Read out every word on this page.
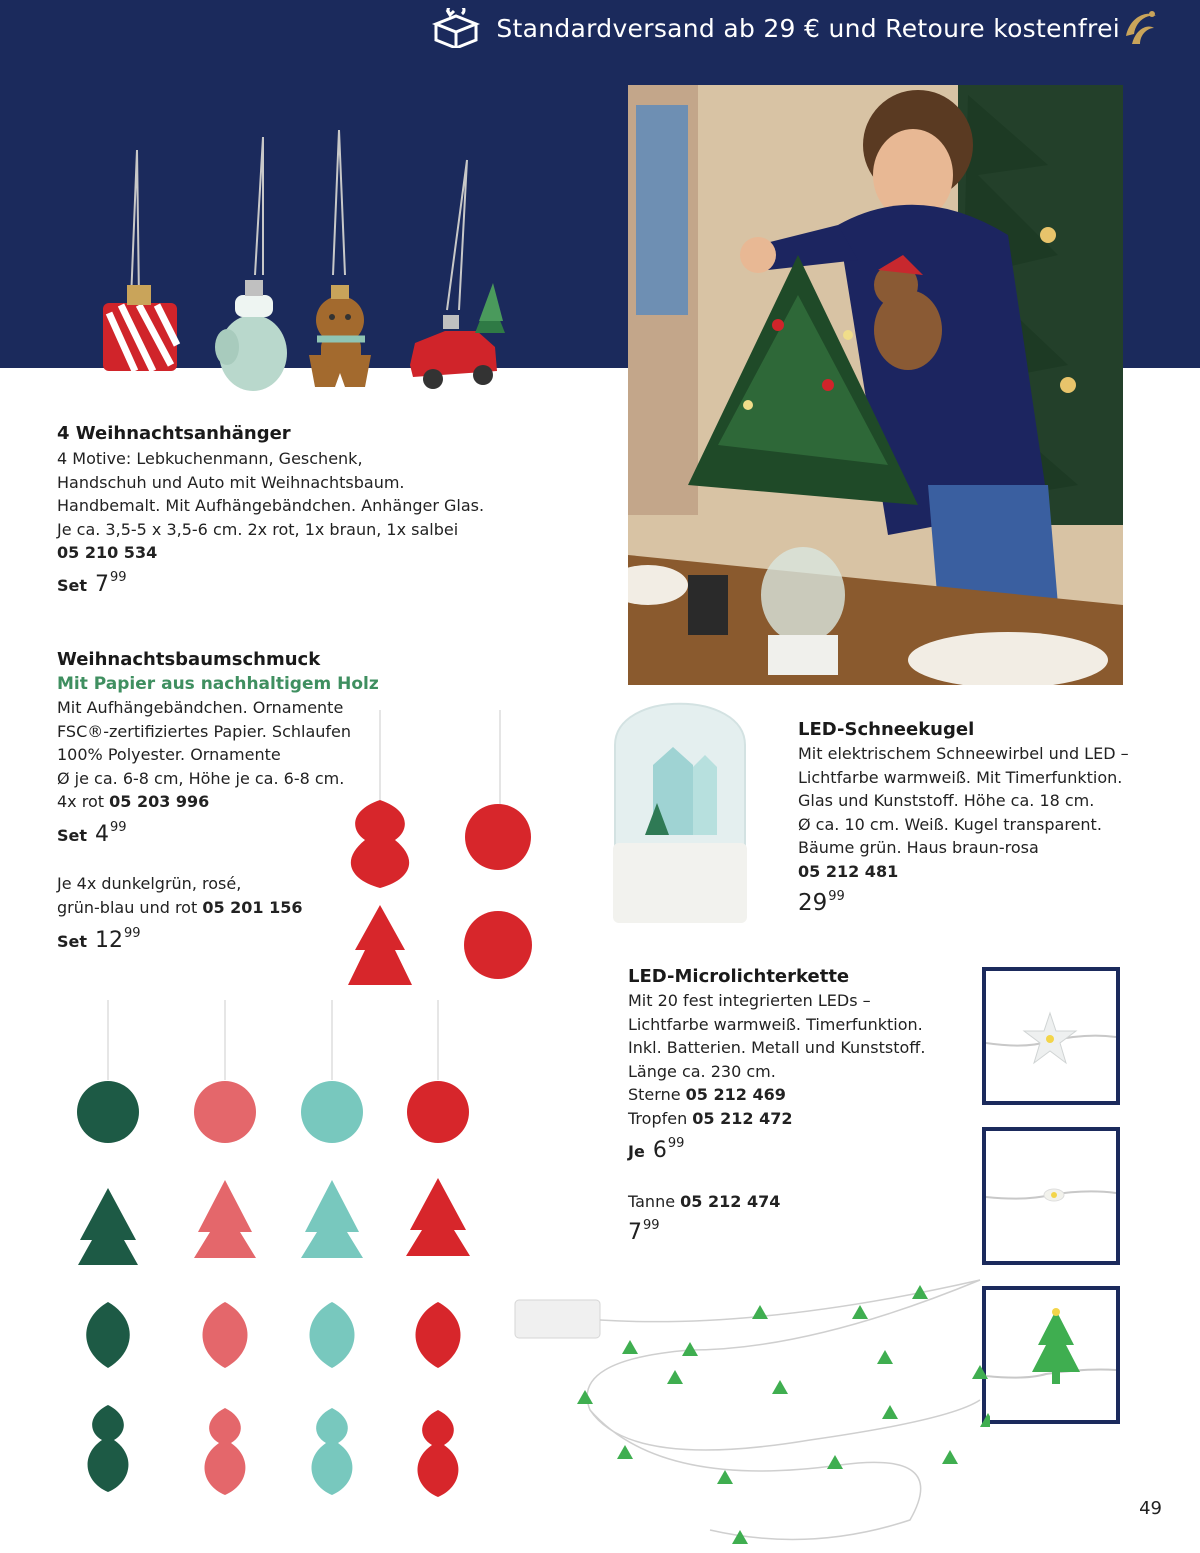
Standardversand ab 29 € und Retoure kostenfrei
4 Weihnachtsanhänger
4 Motive: Lebkuchenmann, Geschenk,
Handschuh und Auto mit Weihnachtsbaum.
Handbemalt. Mit Aufhängebändchen. Anhänger Glas.
Je ca. 3,5-5 x 3,5-6 cm. 2x rot, 1x braun, 1x salbei
05 210 534
Set $7^{99}$
Weihnachtsbaumschmuck
Mit Papier aus nachhaltigem Holz
Mit Aufhängebändchen. Ornamente
FSC®-zertifiziertes Papier. Schlaufen
100% Polyester. Ornamente
Ø je ca. 6-8 cm, Höhe je ca. 6-8 cm.
4x rot 05 203 996
Set $4^{99}$
Je 4x dunkelgrün, rosé,
grün-blau und rot 05 201 156
Set $12^{99}$
LED-Schneekugel
Mit elektrischem Schneewirbel und LED –
Lichtfarbe warmweiß. Mit Timerfunktion.
Glas und Kunststoff. Höhe ca. 18 cm.
Ø ca. 10 cm. Weiß. Kugel transparent.
Bäume grün. Haus braun-rosa
05 212 481
$29^{99}$
LED-Microlichterkette
Mit 20 fest integrierten LEDs –
Lichtfarbe warmweiß. Timerfunktion.
Inkl. Batterien. Metall und Kunststoff.
Länge ca. 230 cm.
Sterne 05 212 469
Tropfen 05 212 472
Je $6^{99}$
Tanne 05 212 474
$7^{99}$
49
